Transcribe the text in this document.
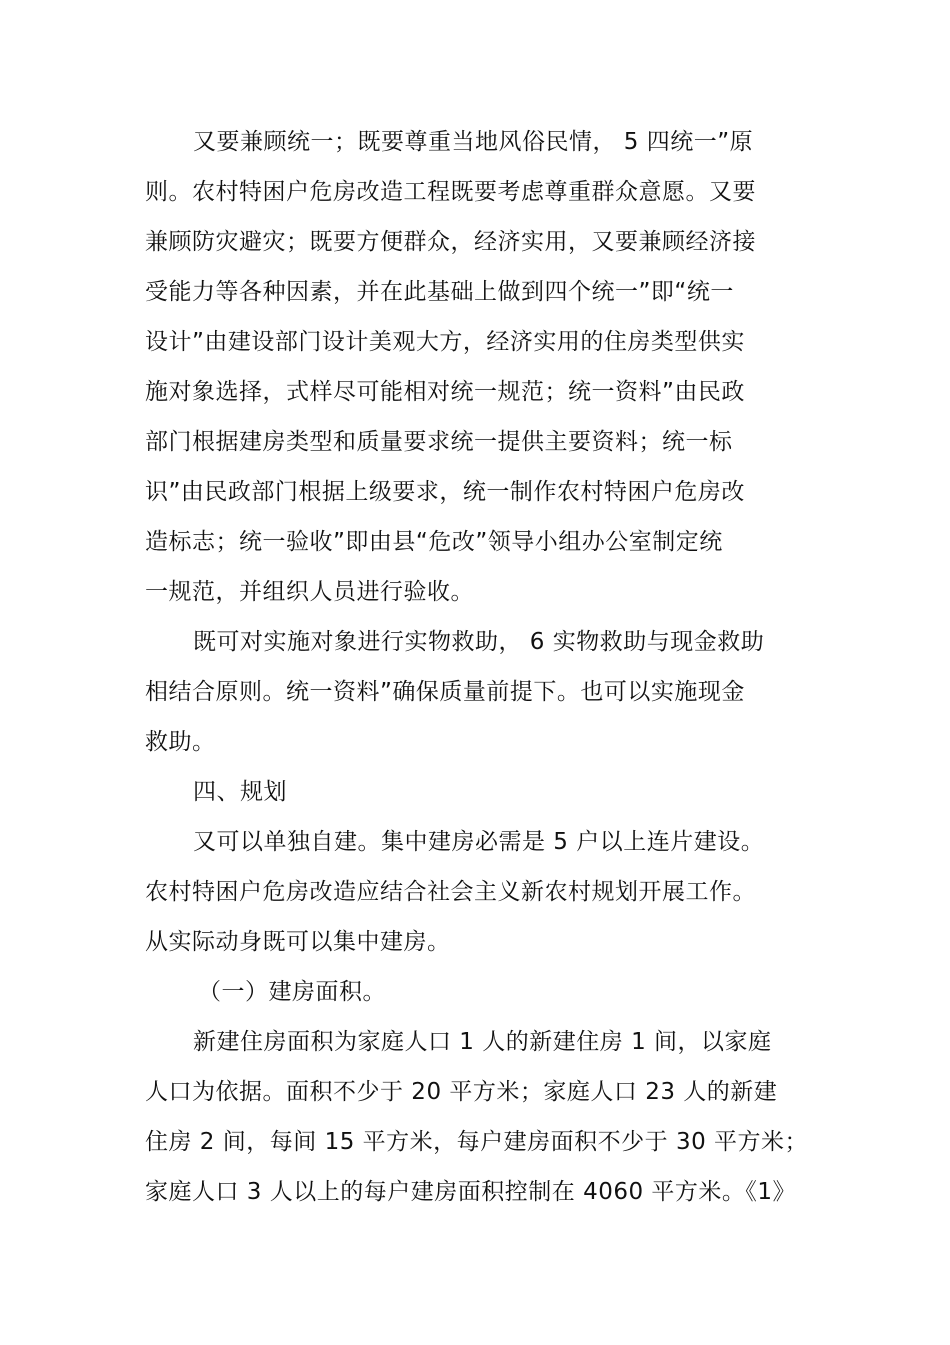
又要兼顾统一；既要尊重当地风俗民情， 5 四统一”原
则。农村特困户危房改造工程既要考虑尊重群众意愿。又要
兼顾防灾避灾；既要方便群众，经济实用，又要兼顾经济接
受能力等各种因素，并在此基础上做到四个统一”即“统一
设计”由建设部门设计美观大方，经济实用的住房类型供实
施对象选择，式样尽可能相对统一规范；统一资料”由民政
部门根据建房类型和质量要求统一提供主要资料；统一标
识”由民政部门根据上级要求，统一制作农村特困户危房改
造标志；统一验收”即由县“危改”领导小组办公室制定统
一规范，并组织人员进行验收。
既可对实施对象进行实物救助， 6 实物救助与现金救助
相结合原则。统一资料”确保质量前提下。也可以实施现金
救助。
四、规划
又可以单独自建。集中建房必需是 5 户以上连片建设。
农村特困户危房改造应结合社会主义新农村规划开展工作。
从实际动身既可以集中建房。
（一）建房面积。
新建住房面积为家庭人口 1 人的新建住房 1 间，以家庭
人口为依据。面积不少于 20 平方米；家庭人口 23 人的新建
住房 2 间，每间 15 平方米，每户建房面积不少于 30 平方米；
家庭人口 3 人以上的每户建房面积控制在 4060 平方米。《1》
